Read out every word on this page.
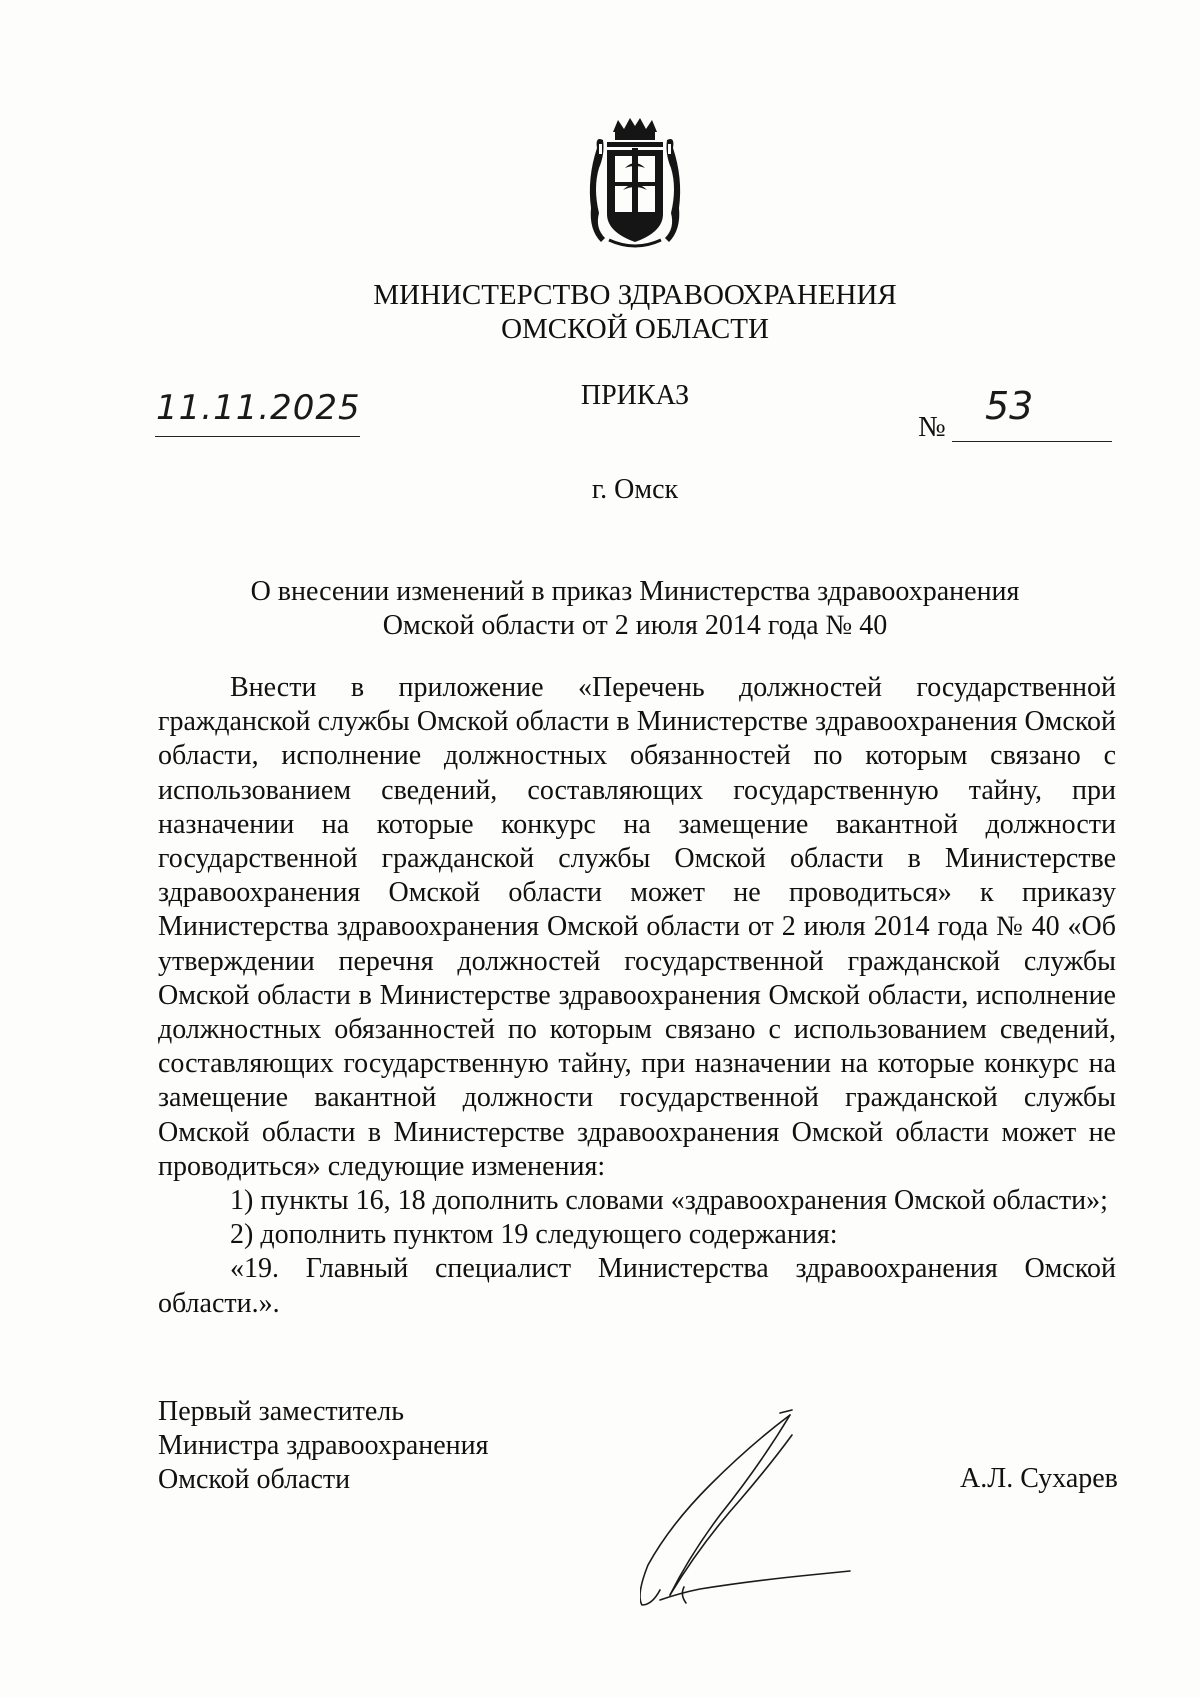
МИНИСТЕРСТВО ЗДРАВООХРАНЕНИЯ
ОМСКОЙ ОБЛАСТИ
ПРИКАЗ
11.11.2025	№ 53
г. Омск
О внесении изменений в приказ Министерства здравоохранения
Омской области от 2 июля 2014 года № 40

Внести в приложение «Перечень должностей государственной гражданской службы Омской области в Министерстве здравоохранения Омской области, исполнение должностных обязанностей по которым связано с использованием сведений, составляющих государственную тайну, при назначении на которые конкурс на замещение вакантной должности государственной гражданской службы Омской области в Министерстве здравоохранения Омской области может не проводиться» к приказу Министерства здравоохранения Омской области от 2 июля 2014 года № 40 «Об утверждении перечня должностей государственной гражданской службы Омской области в Министерстве здравоохранения Омской области, исполнение должностных обязанностей по которым связано с использованием сведений, составляющих государственную тайну, при назначении на которые конкурс на замещение вакантной должности государственной гражданской службы Омской области в Министерстве здравоохранения Омской области может не проводиться» следующие изменения:

1) пункты 16, 18 дополнить словами «здравоохранения Омской области»;

2) дополнить пунктом 19 следующего содержания:

«19. Главный специалист Министерства здравоохранения Омской области.».

Первый заместитель
Министра здравоохранения
Омской области	А.Л. Сухарев
